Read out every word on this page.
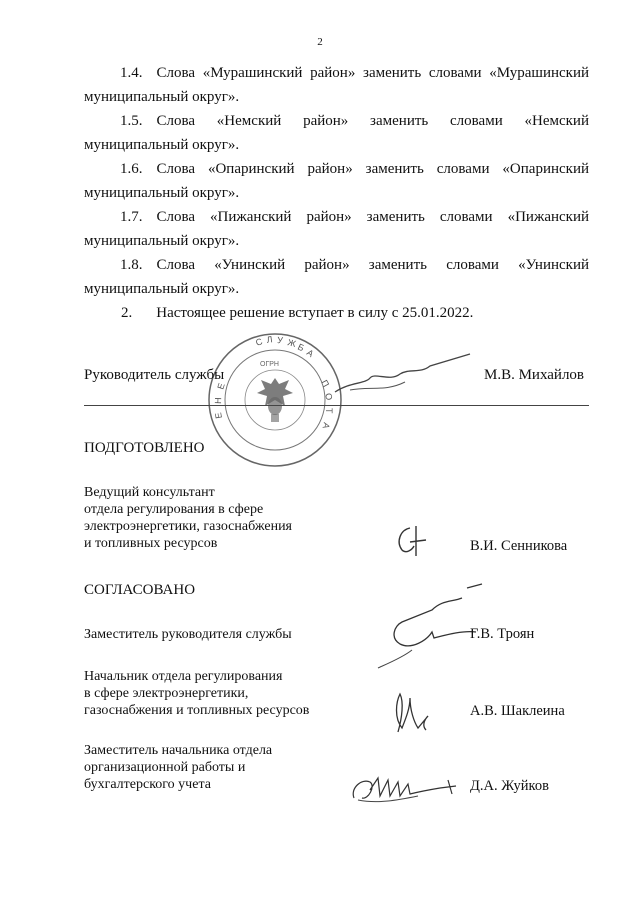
2
1.4. Слова «Мурашинский район» заменить словами «Мурашинский
муниципальный округ».
1.5. Слова «Немский район» заменить словами «Немский
муниципальный округ».
1.6. Слова «Опаринский район» заменить словами «Опаринский
муниципальный округ».
1.7. Слова «Пижанский район» заменить словами «Пижанский
муниципальный округ».
1.8. Слова «Унинский район» заменить словами «Унинский
муниципальный округ».
2. Настоящее решение вступает в силу с 25.01.2022.
С Л У Ж Б А
Е
Н
Е
П
О
Т
А
ОГРН
Руководитель службы	М.В. Михайлов
ПОДГОТОВЛЕНО
Ведущий консультант
отдела регулирования в сфере
электроэнергетики, газоснабжения
и топливных ресурсов	В.И. Сенникова
СОГЛАСОВАНО
Заместитель руководителя службы	Г.В. Троян
Начальник отдела регулирования
в сфере электроэнергетики,
газоснабжения и топливных ресурсов	А.В. Шаклеина
Заместитель начальника отдела
организационной работы и
бухгалтерского учета	Д.А. Жуйков
